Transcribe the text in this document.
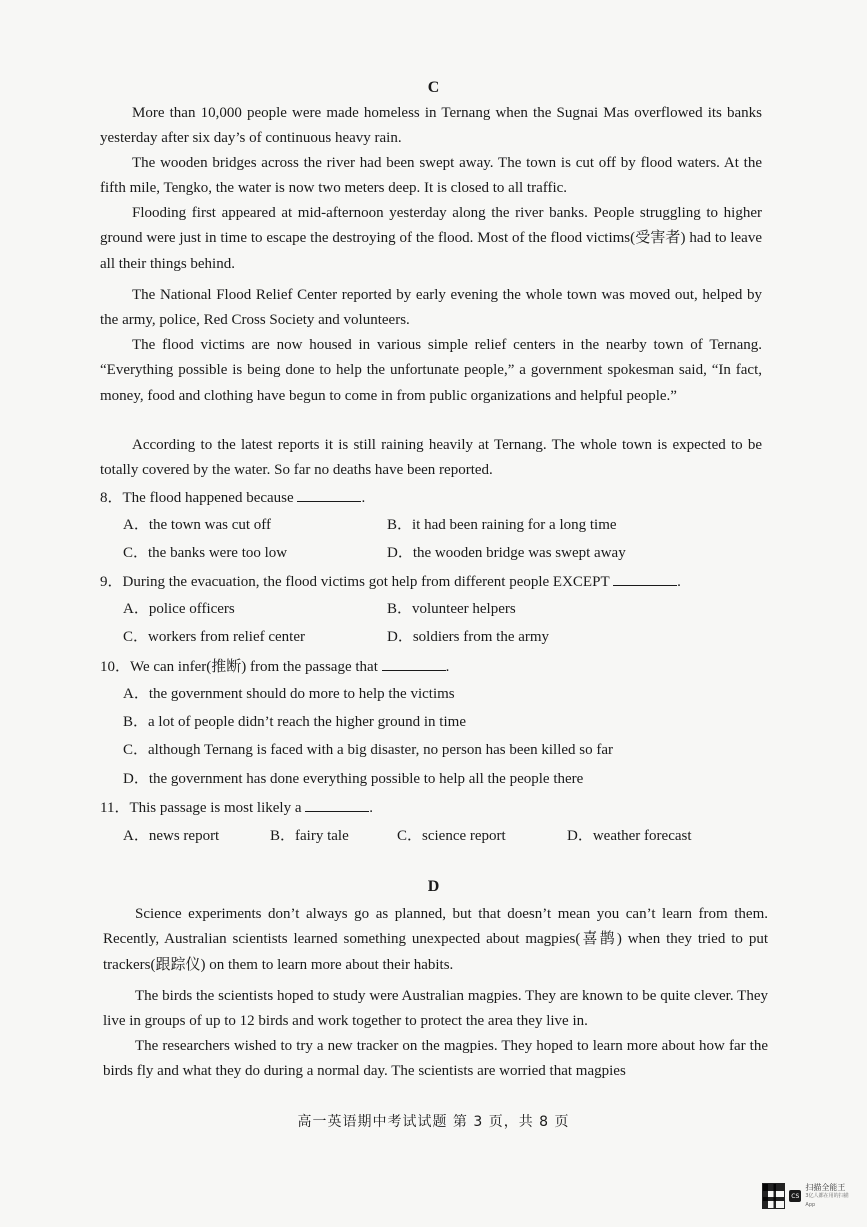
C

More than 10,000 people were made homeless in Ternang when the Sugnai Mas overflowed its banks yesterday after six day’s of continuous heavy rain.

The wooden bridges across the river had been swept away. The town is cut off by flood waters. At the fifth mile, Tengko, the water is now two meters deep. It is closed to all traffic.

Flooding first appeared at mid-afternoon yesterday along the river banks. People struggling to higher ground were just in time to escape the destroying of the flood. Most of the flood victims(受害者) had to leave all their things behind.

The National Flood Relief Center reported by early evening the whole town was moved out, helped by the army, police, Red Cross Society and volunteers.

The flood victims are now housed in various simple relief centers in the nearby town of Ternang. “Everything possible is being done to help the unfortunate people,” a government spokesman said, “In fact, money, food and clothing have begun to come in from public organizations and helpful people.”

According to the latest reports it is still raining heavily at Ternang. The whole town is expected to be totally covered by the water. So far no deaths have been reported.

8．The flood happened because	.

A．the town was cut off	B．it had been raining for a long time
C．the banks were too low	D．the wooden bridge was swept away

9．During the evacuation, the flood victims got help from different people EXCEPT	.

A．police officers	B．volunteer helpers
C．workers from relief center	D．soldiers from the army

10．We can infer(推断) from the passage that	.

A．the government should do more to help the victims
B．a lot of people didn’t reach the higher ground in time
C．although Ternang is faced with a big disaster, no person has been killed so far
D．the government has done everything possible to help all the people there

11．This passage is most likely a	.

A．news report	B．fairy tale	C．science report	D．weather forecast
D

Science experiments don’t always go as planned, but that doesn’t mean you can’t learn from them. Recently, Australian scientists learned something unexpected about magpies(喜鹊) when they tried to put trackers(跟踪仪) on them to learn more about their habits.

The birds the scientists hoped to study were Australian magpies. They are known to be quite clever. They live in groups of up to 12 birds and work together to protect the area they live in.

The researchers wished to try a new tracker on the magpies. They hoped to learn more about how far the birds fly and what they do during a normal day. The scientists are worried that magpies

高一英语期中考试试题 第 3 页，共 8 页
CS
扫描全能王
3亿人都在用的扫描App
